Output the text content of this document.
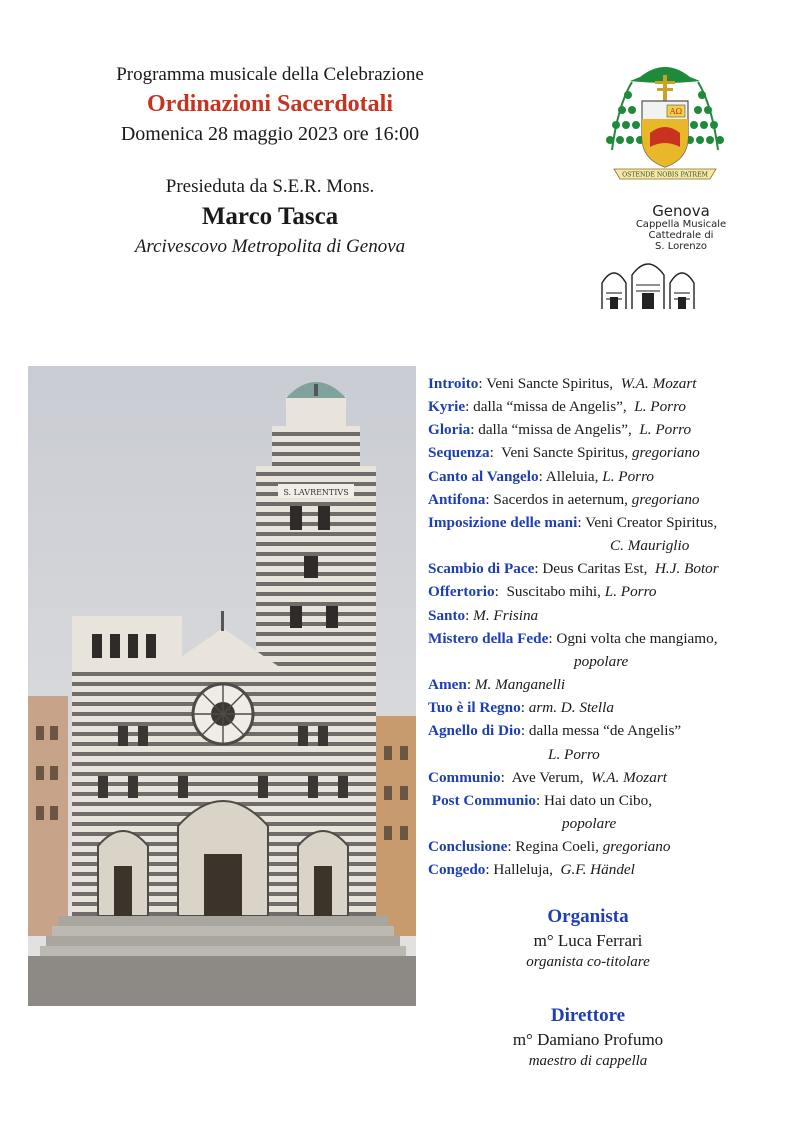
Programma musicale della Celebrazione
Ordinazioni Sacerdotali
Domenica 28 maggio 2023 ore 16:00
Presieduta da S.E.R. Mons.
Marco Tasca
Arcivescovo Metropolita di Genova
AΩ
OSTENDE NOBIS PATREM
Genova
Cappella Musicale
Cattedrale di
S. Lorenzo
S. LAVRENTIVS
Introito: Veni Sancte Spiritus,  W.A. Mozart
Kyrie: dalla “missa de Angelis”,  L. Porro
Gloria: dalla “missa de Angelis”,  L. Porro
Sequenza:  Veni Sancte Spiritus, gregoriano
Canto al Vangelo: Alleluia, L. Porro
Antifona: Sacerdos in aeternum, gregoriano
Imposizione delle mani: Veni Creator Spiritus,
C. Mauriglio
Scambio di Pace: Deus Caritas Est,  H.J. Botor
Offertorio:  Suscitabo mihi, L. Porro
Santo: M. Frisina
Mistero della Fede: Ogni volta che mangiamo,
popolare
Amen: M. Manganelli
Tuo è il Regno: arm. D. Stella
Agnello di Dio: dalla messa “de Angelis”
L. Porro
Communio:  Ave Verum,  W.A. Mozart
Post Communio: Hai dato un Cibo,
popolare
Conclusione: Regina Coeli, gregoriano
Congedo: Halleluja,  G.F. Händel
Organista
m° Luca Ferrari
organista co-titolare
Direttore
m° Damiano Profumo
maestro di cappella
